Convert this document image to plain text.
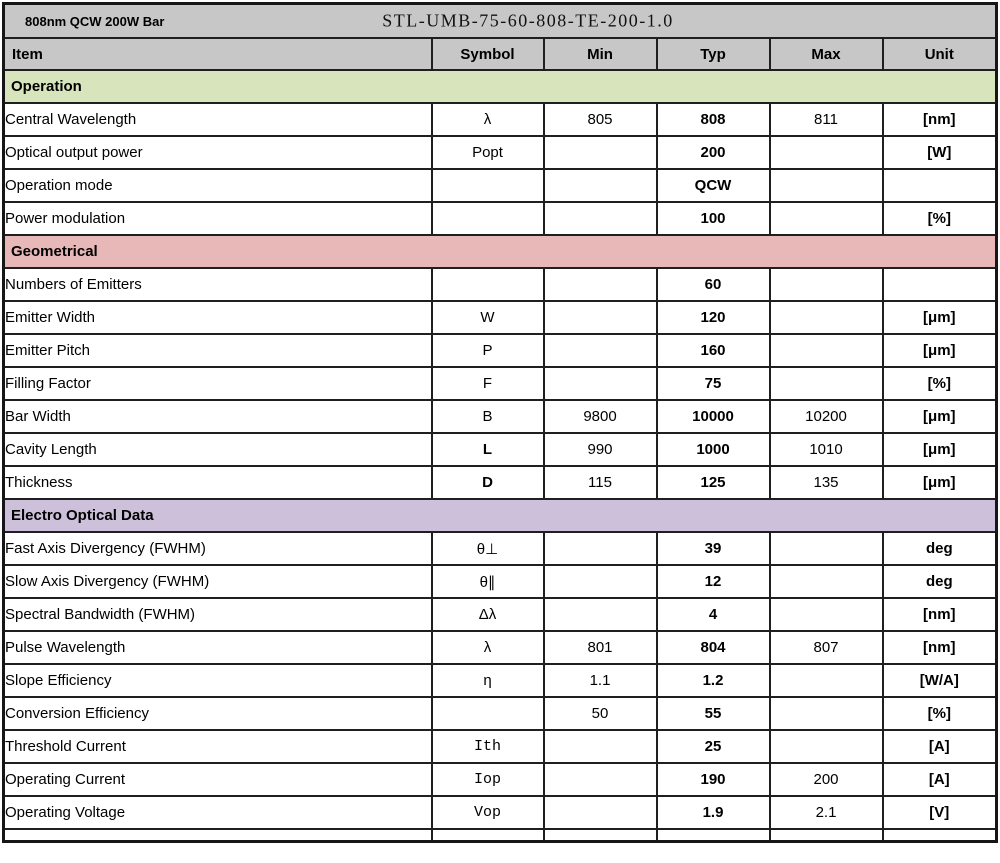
808nm QCW 200W Bar STL-UMB-75-60-808-TE-200-1.0					

Item	Symbol	Min	Typ	Max	Unit
Operation					
Central Wavelength	λ	805	808	811	[nm]
Optical output power	Popt		200		[W]
Operation mode			QCW		
Power modulation			100		[%]
Geometrical					
Numbers of Emitters			60		
Emitter Width	W		120		[μm]
Emitter Pitch	P		160		[μm]
Filling Factor	F		75		[%]
Bar Width	B	9800	10000	10200	[μm]
Cavity Length	L	990	1000	1010	[μm]
Thickness	D	115	125	135	[μm]
Electro Optical Data					
Fast Axis Divergency (FWHM)	θ⊥		39		deg
Slow Axis Divergency (FWHM)	θ∥		12		deg
Spectral Bandwidth (FWHM)	Δλ		4		[nm]
Pulse Wavelength	λ	801	804	807	[nm]
Slope Efficiency	η	1.1	1.2		[W/A]
Conversion Efficiency		50	55		[%]
Threshold Current	Ith		25		[A]
Operating Current	Iop		190	200	[A]
Operating Voltage	Vop		1.9	2.1	[V]
